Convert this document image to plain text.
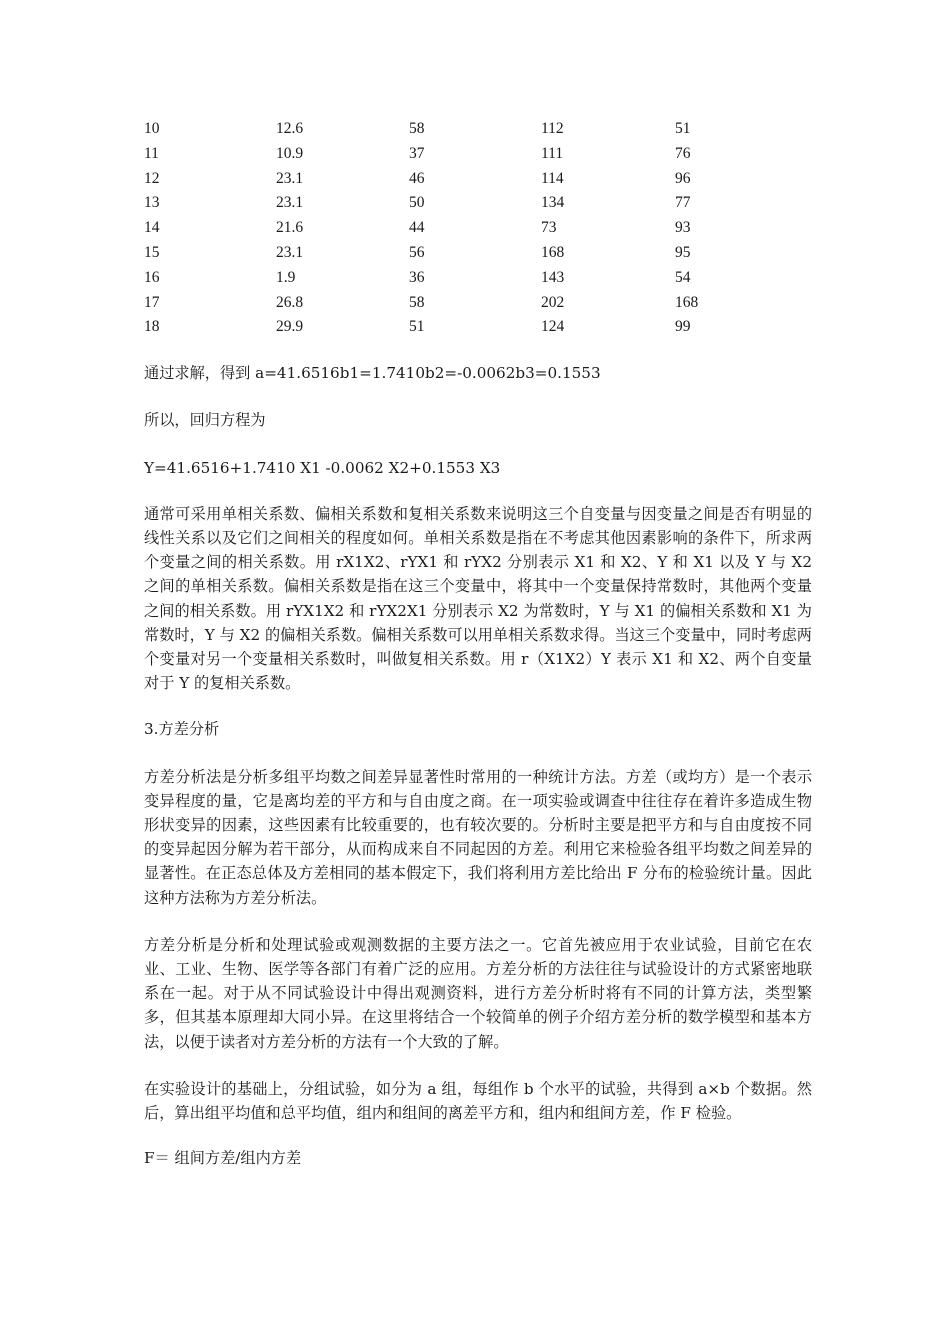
10	12.6	58	112	51
11	10.9	37	111	76
12	23.1	46	114	96
13	23.1	50	134	77
14	21.6	44	73	93
15	23.1	56	168	95
16	1.9	36	143	54
17	26.8	58	202	168
18	29.9	51	124	99

通过求解，得到 a=41.6516b1=1.7410b2=-0.0062b3=0.1553

所以，回归方程为

Y=41.6516+1.7410 X1 -0.0062 X2+0.1553 X3

通常可采用单相关系数、偏相关系数和复相关系数来说明这三个自变量与因变量之间是否有明显的线性关系以及它们之间相关的程度如何。单相关系数是指在不考虑其他因素影响的条件下，所求两个变量之间的相关系数。用 rX1X2、rYX1 和 rYX2 分别表示 X1 和 X2、Y 和 X1 以及 Y 与 X2 之间的单相关系数。偏相关系数是指在这三个变量中，将其中一个变量保持常数时，其他两个变量之间的相关系数。用 rYX1X2 和 rYX2X1 分别表示 X2 为常数时，Y 与 X1 的偏相关系数和 X1 为常数时，Y 与 X2 的偏相关系数。偏相关系数可以用单相关系数求得。当这三个变量中，同时考虑两个变量对另一个变量相关系数时，叫做复相关系数。用 r（X1X2）Y 表示 X1 和 X2、两个自变量对于 Y 的复相关系数。

3.方差分析

方差分析法是分析多组平均数之间差异显著性时常用的一种统计方法。方差（或均方）是一个表示变异程度的量，它是离均差的平方和与自由度之商。在一项实验或调查中往往存在着许多造成生物形状变异的因素，这些因素有比较重要的，也有较次要的。分析时主要是把平方和与自由度按不同的变异起因分解为若干部分，从而构成来自不同起因的方差。利用它来检验各组平均数之间差异的显著性。在正态总体及方差相同的基本假定下，我们将利用方差比给出 F 分布的检验统计量。因此这种方法称为方差分析法。

方差分析是分析和处理试验或观测数据的主要方法之一。它首先被应用于农业试验，目前它在农业、工业、生物、医学等各部门有着广泛的应用。方差分析的方法往往与试验设计的方式紧密地联系在一起。对于从不同试验设计中得出观测资料，进行方差分析时将有不同的计算方法，类型繁多，但其基本原理却大同小异。在这里将结合一个较简单的例子介绍方差分析的数学模型和基本方法，以便于读者对方差分析的方法有一个大致的了解。

在实验设计的基础上，分组试验，如分为 a 组，每组作 b 个水平的试验，共得到 a×b 个数据。然后，算出组平均值和总平均值，组内和组间的离差平方和，组内和组间方差，作 F 检验。

F＝ 组间方差/组内方差
